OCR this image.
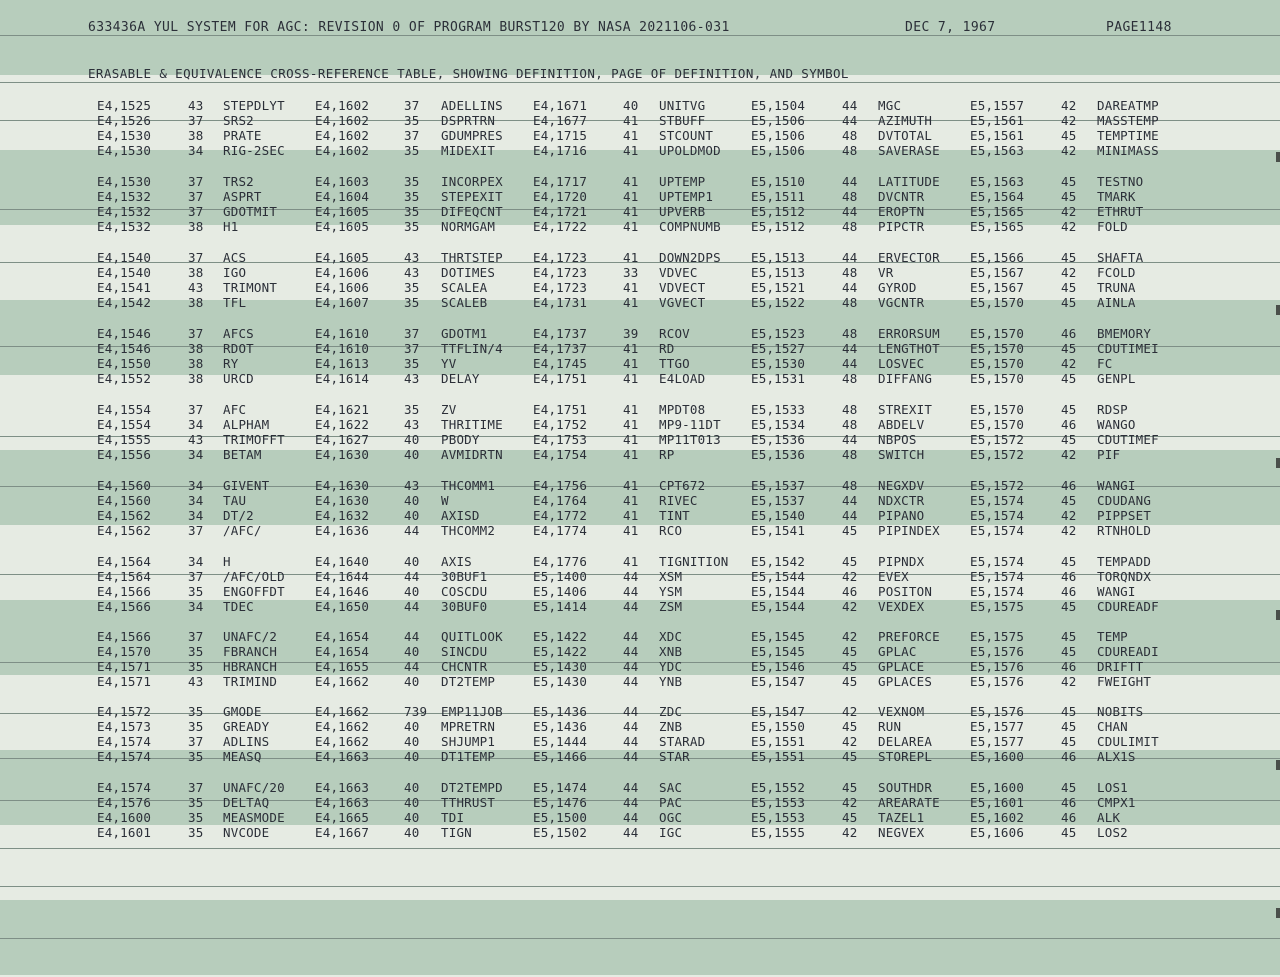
633436A YUL SYSTEM FOR AGC: REVISION 0 OF PROGRAM BURST120 BY NASA 2021106-031

	DEC 7, 1967

	PAGE1148

ERASABLE & EQUIVALENCE CROSS-REFERENCE TABLE, SHOWING DEFINITION, PAGE OF DEFINITION, AND SYMBOL
E4,1525	43 STEPDLYT E4,1602	37 ADELLINS E4,1671	40 UNITVG	E5,1504	44 MGC	E5,1557	42 DAREATMP
E4,1526	37 SRS2	E4,1602	35 DSPRTRN	E4,1677	41 STBUFF	E5,1506	44 AZIMUTH	E5,1561	42 MASSTEMP
E4,1530	38 PRATE	E4,1602	37 GDUMPRES E4,1715	41 STCOUNT	E5,1506	48 DVTOTAL	E5,1561	45 TEMPTIME
E4,1530	34 RIG-2SEC E4,1602	35 MIDEXIT	E4,1716	41 UPOLDMOD E5,1506	48 SAVERASE E5,1563	42 MINIMASS
E4,1530	37 TRS2	E4,1603	35 INCORPEX E4,1717	41 UPTEMP	E5,1510	44 LATITUDE E5,1563	45 TESTNO
E4,1532	37 ASPRT	E4,1604	35 STEPEXIT E4,1720	41 UPTEMP1	E5,1511	48 DVCNTR	E5,1564	45 TMARK
E4,1532	37 GDOTMIT	E4,1605	35 DIFEQCNT E4,1721	41 UPVERB	E5,1512	44 EROPTN	E5,1565	42 ETHRUT
E4,1532	38 H1	E4,1605	35 NORMGAM	E4,1722	41 COMPNUMB E5,1512	48 PIPCTR	E5,1565	42 FOLD
E4,1540	37 ACS	E4,1605	43 THRTSTEP E4,1723	41 DOWN2DPS E5,1513	44 ERVECTOR E5,1566	45 SHAFTA
E4,1540	38 IGO	E4,1606	43 DOTIMES	E4,1723	33 VDVEC	E5,1513	48 VR	E5,1567	42 FCOLD
E4,1541	43 TRIMONT	E4,1606	35 SCALEA	E4,1723	41 VDVECT	E5,1521	44 GYROD	E5,1567	45 TRUNA
E4,1542	38 TFL	E4,1607	35 SCALEB	E4,1731	41 VGVECT	E5,1522	48 VGCNTR	E5,1570	45 AINLA
E4,1546	37 AFCS	E4,1610	37 GDOTM1	E4,1737	39 RCOV	E5,1523	48 ERRORSUM E5,1570	46 BMEMORY
E4,1546	38 RDOT	E4,1610	37 TTFLIN/4 E4,1737	41 RD	E5,1527	44 LENGTHOT E5,1570	45 CDUTIMEI
E4,1550	38 RY	E4,1613	35 YV	E4,1745	41 TTGO	E5,1530	44 LOSVEC	E5,1570	42 FC
E4,1552	38 URCD	E4,1614	43 DELAY	E4,1751	41 E4LOAD	E5,1531	48 DIFFANG	E5,1570	45 GENPL
E4,1554	37 AFC	E4,1621	35 ZV	E4,1751	41 MPDT08	E5,1533	48 STREXIT	E5,1570	45 RDSP
E4,1554	34 ALPHAM	E4,1622	43 THRITIME E4,1752	41 MP9-11DT E5,1534	48 ABDELV	E5,1570	46 WANGO
E4,1555	43 TRIMOFFT E4,1627	40 PBODY	E4,1753	41 MP11T013 E5,1536	44 NBPOS	E5,1572	45 CDUTIMEF
E4,1556	34 BETAM	E4,1630	40 AVMIDRTN E4,1754	41 RP	E5,1536	48 SWITCH	E5,1572	42 PIF
E4,1560	34 GIVENT	E4,1630	43 THCOMM1	E4,1756	41 CPT672	E5,1537	48 NEGXDV	E5,1572	46 WANGI
E4,1560	34 TAU	E4,1630	40 W	E4,1764	41 RIVEC	E5,1537	44 NDXCTR	E5,1574	45 CDUDANG
E4,1562	34 DT/2	E4,1632	40 AXISD	E4,1772	41 TINT	E5,1540	44 PIPANO	E5,1574	42 PIPPSET
E4,1562	37 /AFC/	E4,1636	44 THCOMM2	E4,1774	41 RCO	E5,1541	45 PIPINDEX E5,1574	42 RTNHOLD
E4,1564	34 H	E4,1640	40 AXIS	E4,1776	41 TIGNITION E5,1542	45 PIPNDX	E5,1574	45 TEMPADD
E4,1564	37 /AFC/OLD E4,1644	44 30BUF1	E5,1400	44 XSM	E5,1544	42 EVEX	E5,1574	46 TORQNDX
E4,1566	35 ENGOFFDT E4,1646	40 COSCDU	E5,1406	44 YSM	E5,1544	46 POSITON	E5,1574	46 WANGI
E4,1566	34 TDEC	E4,1650	44 30BUF0	E5,1414	44 ZSM	E5,1544	42 VEXDEX	E5,1575	45 CDUREADF
E4,1566	37 UNAFC/2	E4,1654	44 QUITLOOK E5,1422	44 XDC	E5,1545	42 PREFORCE E5,1575	45 TEMP
E4,1570	35 FBRANCH	E4,1654	40 SINCDU	E5,1422	44 XNB	E5,1545	45 GPLAC	E5,1576	45 CDUREADI
E4,1571	35 HBRANCH	E4,1655	44 CHCNTR	E5,1430	44 YDC	E5,1546	45 GPLACE	E5,1576	46 DRIFTT
E4,1571	43 TRIMIND	E4,1662	40 DT2TEMP	E5,1430	44 YNB	E5,1547	45 GPLACES	E5,1576	42 FWEIGHT
E4,1572	35 GMODE	E4,1662	739 EMP11JOB E5,1436	44 ZDC	E5,1547	42 VEXNOM	E5,1576	45 NOBITS
E4,1573	35 GREADY	E4,1662	40 MPRETRN	E5,1436	44 ZNB	E5,1550	45 RUN	E5,1577	45 CHAN
E4,1574	37 ADLINS	E4,1662	40 SHJUMP1	E5,1444	44 STARAD	E5,1551	42 DELAREA	E5,1577	45 CDULIMIT
E4,1574	35 MEASQ	E4,1663	40 DT1TEMP	E5,1466	44 STAR	E5,1551	45 STOREPL	E5,1600	46 ALX1S
E4,1574	37 UNAFC/20 E4,1663	40 DT2TEMPD E5,1474	44 SAC	E5,1552	45 SOUTHDR	E5,1600	45 LOS1
E4,1576	35 DELTAQ	E4,1663	40 TTHRUST	E5,1476	44 PAC	E5,1553	42 AREARATE E5,1601	46 CMPX1
E4,1600	35 MEASMODE E4,1665	40 TDI	E5,1500	44 OGC	E5,1553	45 TAZEL1	E5,1602	46 ALK
E4,1601	35 NVCODE	E4,1667	40 TIGN	E5,1502	44 IGC	E5,1555	42 NEGVEX	E5,1606	45 LOS2
